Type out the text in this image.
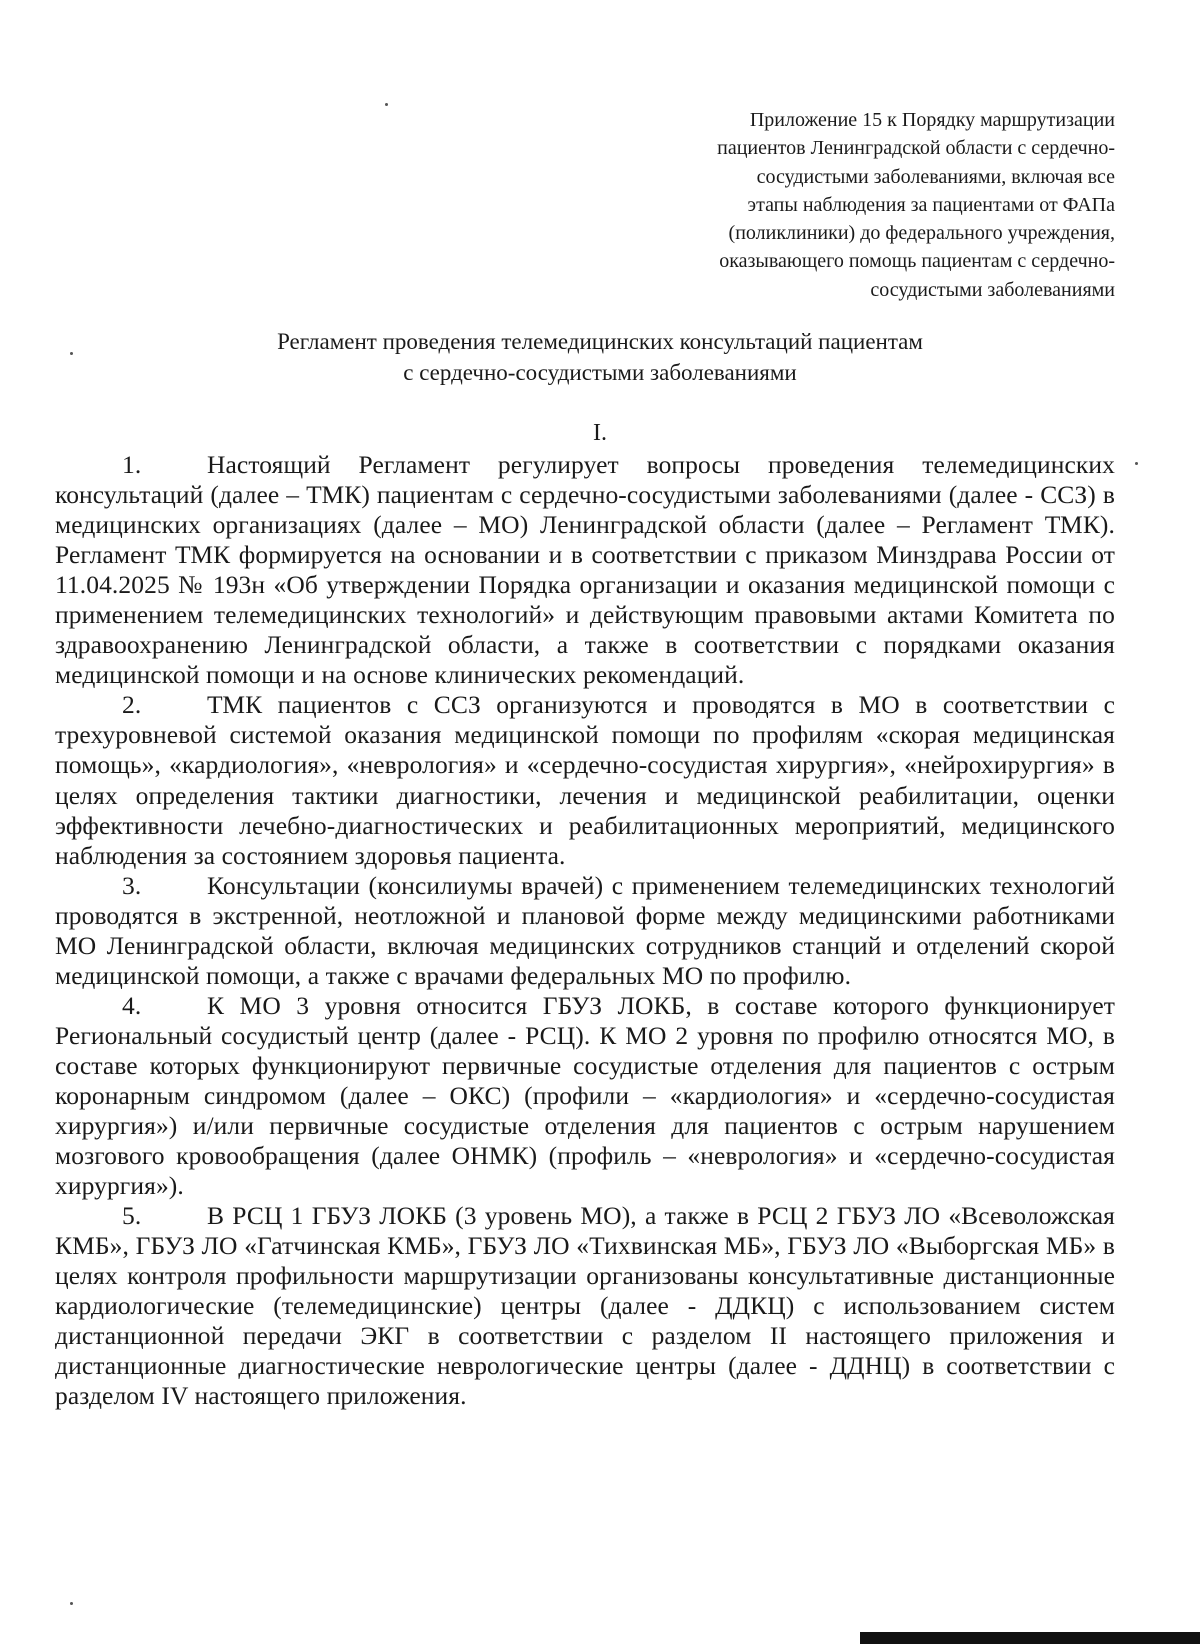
Приложение 15 к Порядку маршрутизации
пациентов Ленинградской области с сердечно-
сосудистыми заболеваниями, включая все
этапы наблюдения за пациентами от ФАПа
(поликлиники) до федерального учреждения,
оказывающего помощь пациентам с сердечно-
сосудистыми заболеваниями
Регламент проведения телемедицинских консультаций пациентам
с сердечно-сосудистыми заболеваниями
I.

1.	Настоящий Регламент регулирует вопросы проведения телемедицинских консультаций (далее – ТМК) пациентам с сердечно-сосудистыми заболеваниями (далее - ССЗ) в медицинских организациях (далее – МО) Ленинградской области (далее – Регламент ТМК). Регламент ТМК формируется на основании и в соответствии с приказом Минздрава России от 11.04.2025 № 193н «Об утверждении Порядка организации и оказания медицинской помощи с применением телемедицинских технологий» и действующим правовыми актами Комитета по здравоохранению Ленинградской области, а также в соответствии с порядками оказания медицинской помощи и на основе клинических рекомендаций.

2.	ТМК пациентов с ССЗ организуются и проводятся в МО в соответствии с трехуровневой системой оказания медицинской помощи по профилям «скорая медицинская помощь», «кардиология», «неврология» и «сердечно-сосудистая хирургия», «нейрохирургия» в целях определения тактики диагностики, лечения и медицинской реабилитации, оценки эффективности лечебно-диагностических и реабилитационных мероприятий, медицинского наблюдения за состоянием здоровья пациента.

3.	Консультации (консилиумы врачей) с применением телемедицинских технологий проводятся в экстренной, неотложной и плановой форме между медицинскими работниками МО Ленинградской области, включая медицинских сотрудников станций и отделений скорой медицинской помощи, а также с врачами федеральных МО по профилю.

4.	К МО 3 уровня относится ГБУЗ ЛОКБ, в составе которого функционирует Региональный сосудистый центр (далее - РСЦ). К МО 2 уровня по профилю относятся МО, в составе которых функционируют первичные сосудистые отделения для пациентов с острым коронарным синдромом (далее – ОКС) (профили – «кардиология» и «сердечно-сосудистая хирургия») и/или первичные сосудистые отделения для пациентов с острым нарушением мозгового кровообращения (далее ОНМК) (профиль – «неврология» и «сердечно-сосудистая хирургия»).

5.	В РСЦ 1 ГБУЗ ЛОКБ (3 уровень МО), а также в РСЦ 2 ГБУЗ ЛО «Всеволожская КМБ», ГБУЗ ЛО «Гатчинская КМБ», ГБУЗ ЛО «Тихвинская МБ», ГБУЗ ЛО «Выборгская МБ» в целях контроля профильности маршрутизации организованы консультативные дистанционные кардиологические (телемедицинские) центры (далее - ДДКЦ) с использованием систем дистанционной передачи ЭКГ в соответствии с разделом II настоящего приложения и дистанционные диагностические неврологические центры (далее - ДДНЦ) в соответствии с разделом IV настоящего приложения.
